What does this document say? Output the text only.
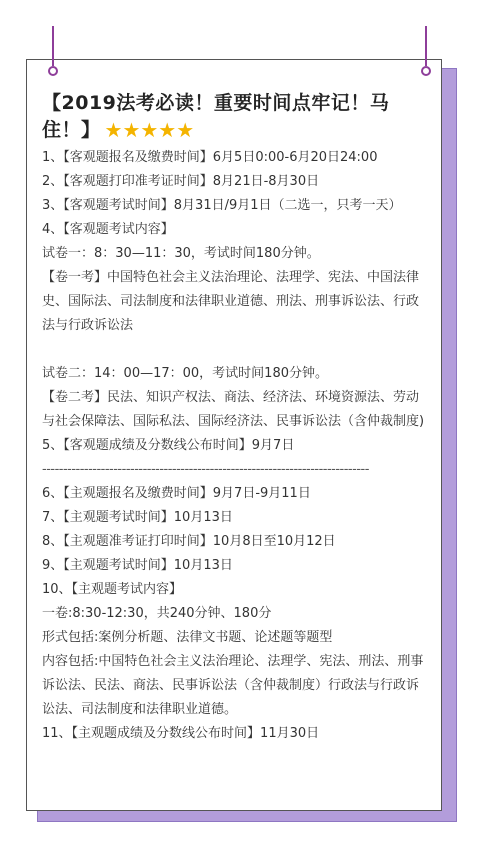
【2019法考必读！重要时间点牢记！马住！】 ★★★★★
1、【客观题报名及缴费时间】6月5日0:00-6月20日24:00
2、【客观题打印准考证时间】8月21日-8月30日
3、【客观题考试时间】8月31日/9月1日（二选一，只考一天）
4、【客观题考试内容】
试卷一：8：30—11：30，考试时间180分钟。
【卷一考】中国特色社会主义法治理论、法理学、宪法、中国法律史、国际法、司法制度和法律职业道德、刑法、刑事诉讼法、行政法与行政诉讼法
试卷二：14：00—17：00，考试时间180分钟。
【卷二考】民法、知识产权法、商法、经济法、环境资源法、劳动与社会保障法、国际私法、国际经济法、民事诉讼法（含仲裁制度)
5、【客观题成绩及分数线公布时间】9月7日
------------------------------------------------------------------------------
6、【主观题报名及缴费时间】9月7日-9月11日
7、【主观题考试时间】10月13日
8、【主观题准考证打印时间】10月8日至10月12日
9、【主观题考试时间】10月13日
10、【主观题考试内容】
一卷:8:30-12:30，共240分钟、180分
形式包括:案例分析题、法律文书题、论述题等题型
内容包括:中国特色社会主义法治理论、法理学、宪法、刑法、刑事诉讼法、民法、商法、民事诉讼法（含仲裁制度）行政法与行政诉讼法、司法制度和法律职业道德。
11、【主观题成绩及分数线公布时间】11月30日
